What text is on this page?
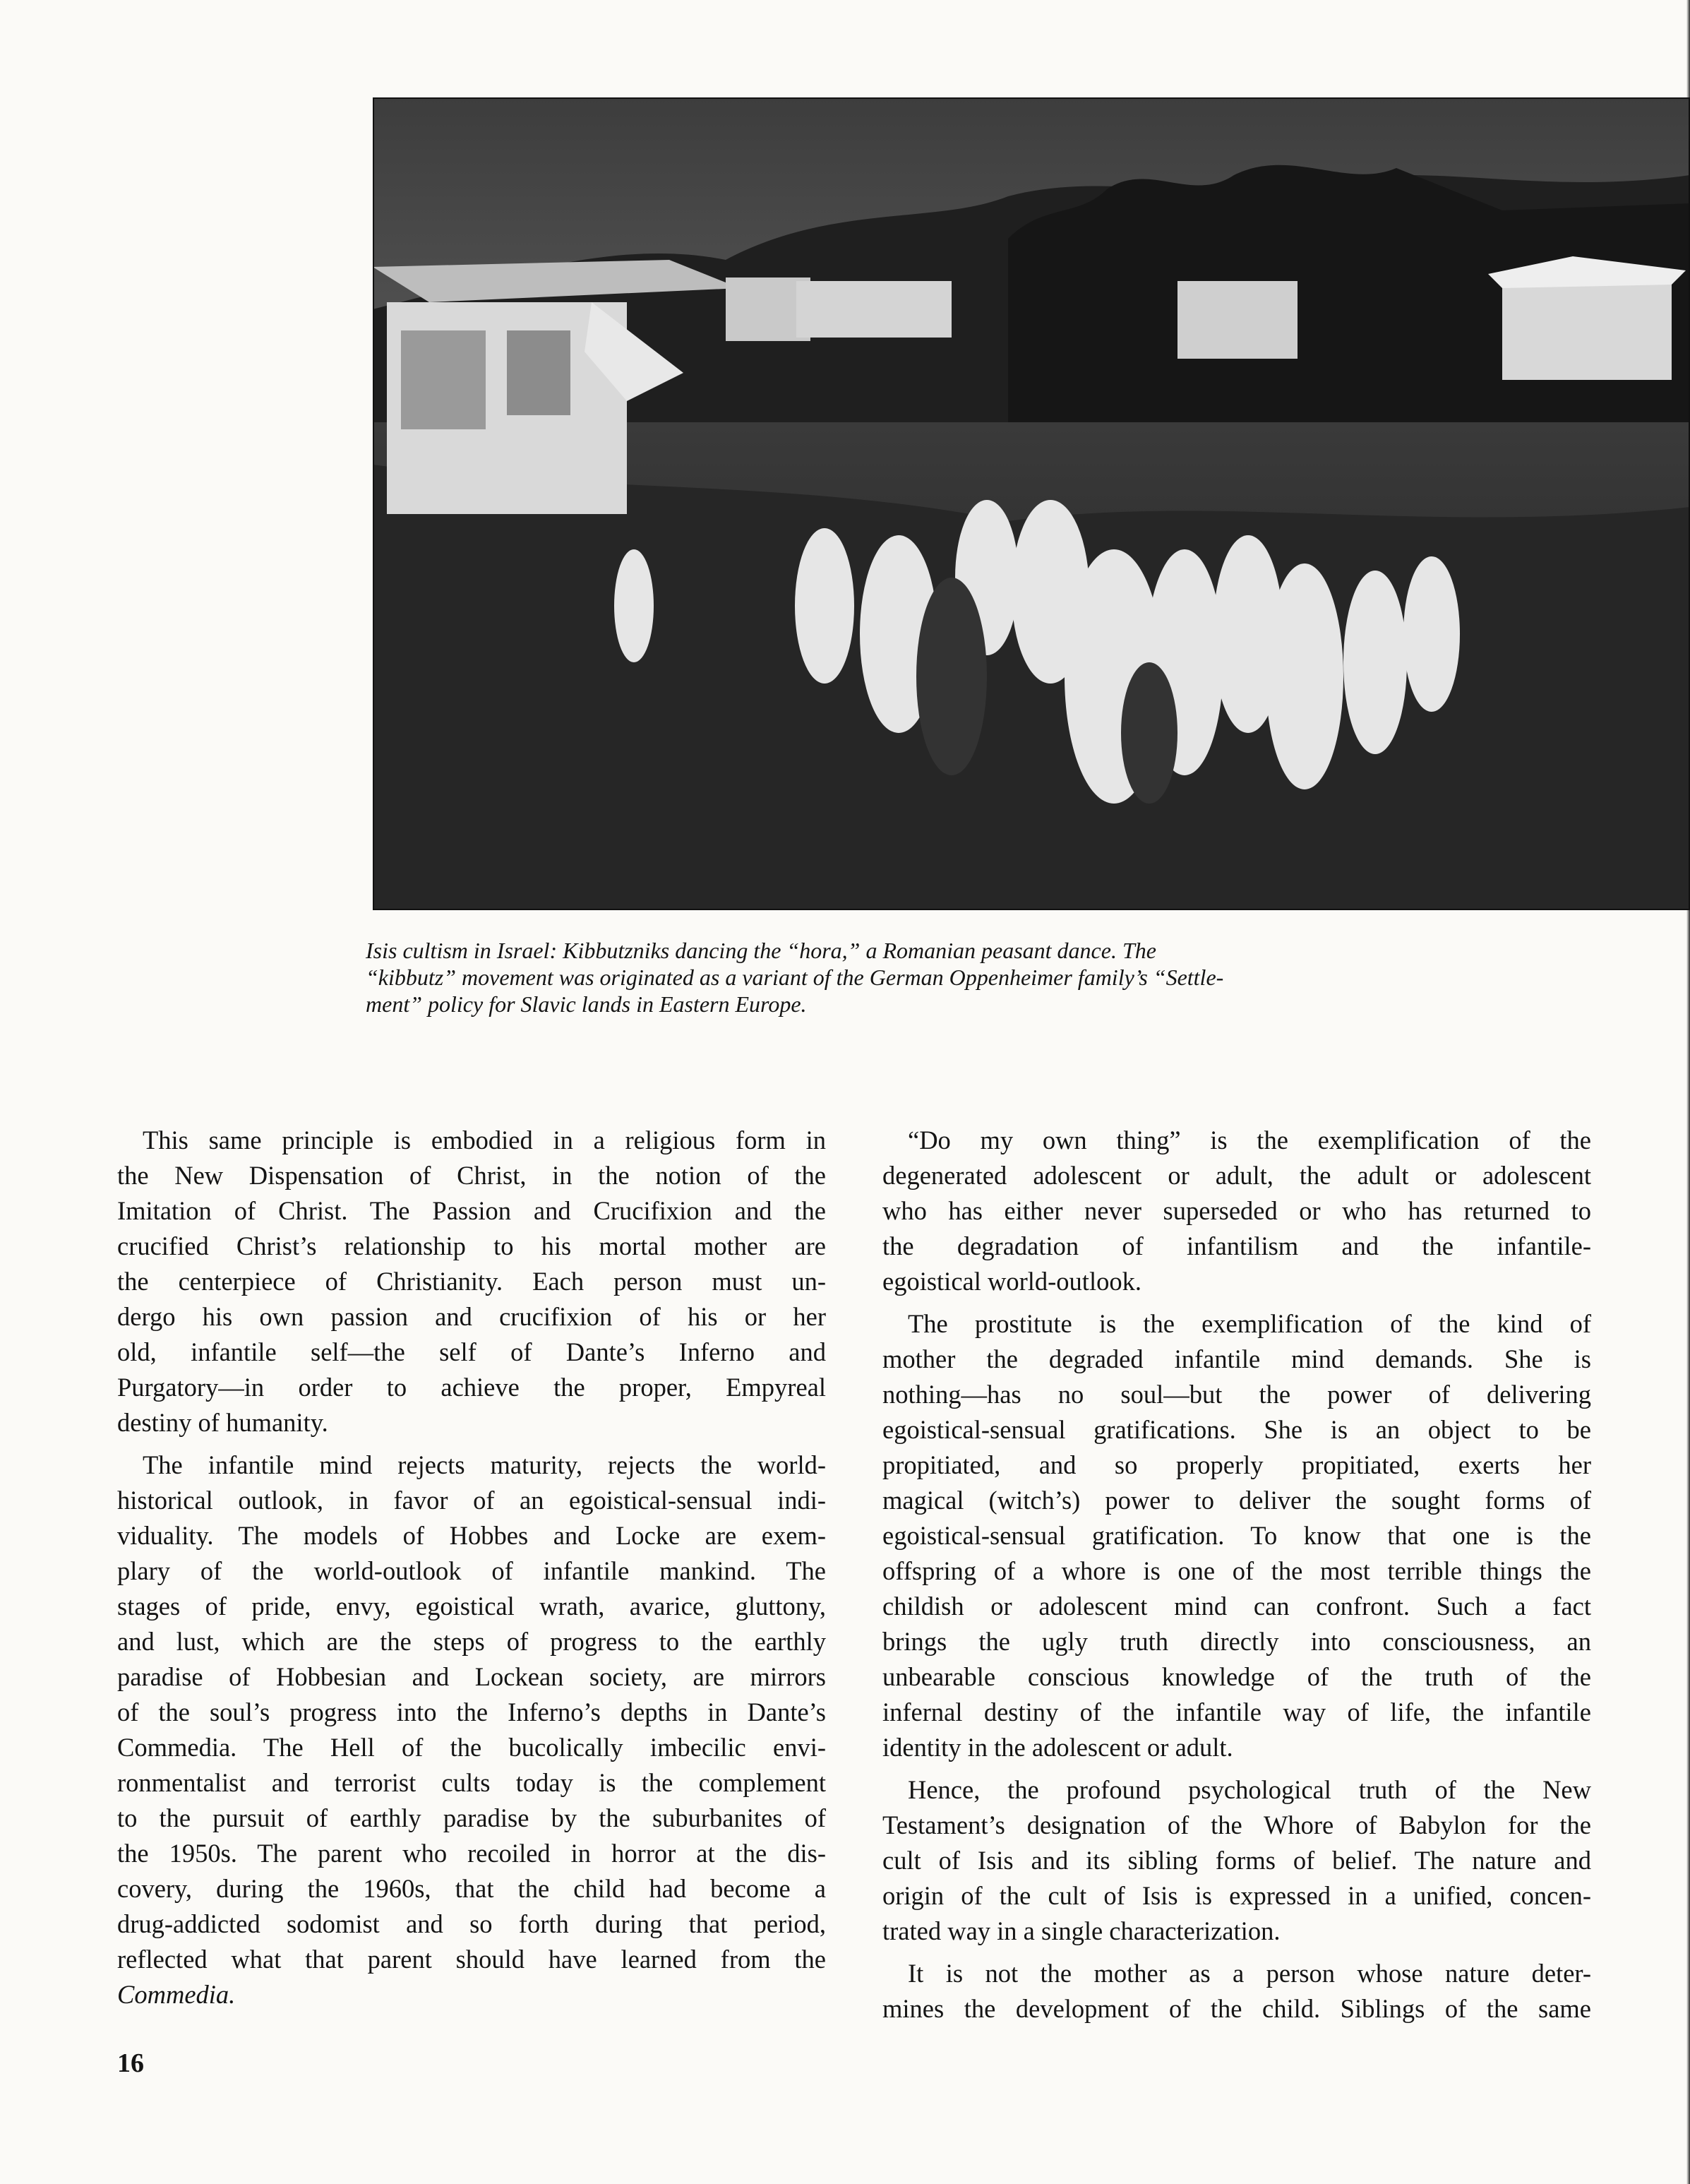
Isis cultism in Israel: Kibbutzniks dancing the “hora,” a Romanian peasant dance. The
“kibbutz” movement was originated as a variant of the German Oppenheimer family’s “Settle-
ment” policy for Slavic lands in Eastern Europe.
This same principle is embodied in a religious form in
the New Dispensation of Christ, in the notion of the
Imitation of Christ. The Passion and Crucifixion and the
crucified Christ’s relationship to his mortal mother are
the centerpiece of Christianity. Each person must un-
dergo his own passion and crucifixion of his or her
old, infantile self—the self of Dante’s Inferno and
Purgatory—in order to achieve the proper, Empyreal
destiny of humanity.
The infantile mind rejects maturity, rejects the world-
historical outlook, in favor of an egoistical-sensual indi-
viduality. The models of Hobbes and Locke are exem-
plary of the world-outlook of infantile mankind. The
stages of pride, envy, egoistical wrath, avarice, gluttony,
and lust, which are the steps of progress to the earthly
paradise of Hobbesian and Lockean society, are mirrors
of the soul’s progress into the Inferno’s depths in Dante’s
Commedia. The Hell of the bucolically imbecilic envi-
ronmentalist and terrorist cults today is the complement
to the pursuit of earthly paradise by the suburbanites of
the 1950s. The parent who recoiled in horror at the dis-
covery, during the 1960s, that the child had become a
drug-addicted sodomist and so forth during that period,
reflected what that parent should have learned from the
Commedia.
“Do my own thing” is the exemplification of the
degenerated adolescent or adult, the adult or adolescent
who has either never superseded or who has returned to
the degradation of infantilism and the infantile-
egoistical world-outlook.
The prostitute is the exemplification of the kind of
mother the degraded infantile mind demands. She is
nothing—has no soul—but the power of delivering
egoistical-sensual gratifications. She is an object to be
propitiated, and so properly propitiated, exerts her
magical (witch’s) power to deliver the sought forms of
egoistical-sensual gratification. To know that one is the
offspring of a whore is one of the most terrible things the
childish or adolescent mind can confront. Such a fact
brings the ugly truth directly into consciousness, an
unbearable conscious knowledge of the truth of the
infernal destiny of the infantile way of life, the infantile
identity in the adolescent or adult.
Hence, the profound psychological truth of the New
Testament’s designation of the Whore of Babylon for the
cult of Isis and its sibling forms of belief. The nature and
origin of the cult of Isis is expressed in a unified, concen-
trated way in a single characterization.
It is not the mother as a person whose nature deter-
mines the development of the child. Siblings of the same
16
